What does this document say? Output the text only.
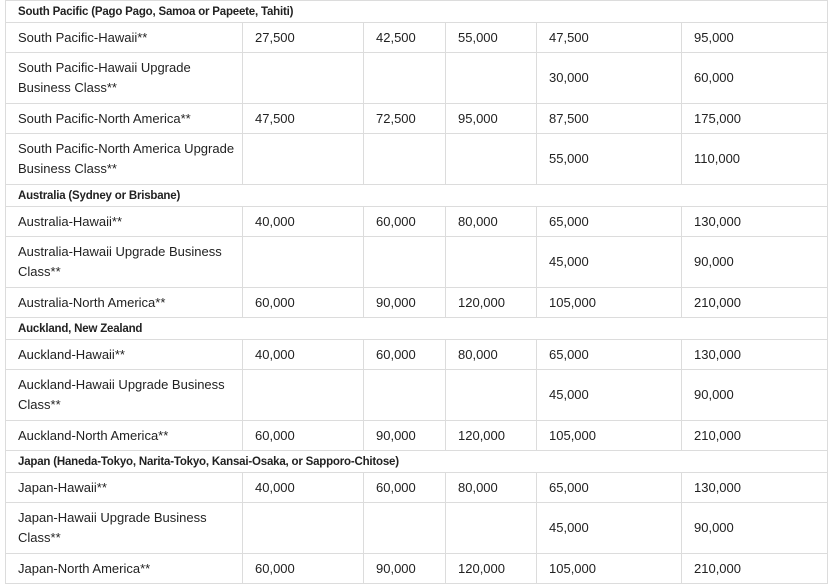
South Pacific (Pago Pago, Samoa or Papeete, Tahiti)					
South Pacific-Hawaii**	27,500	42,500	55,000	47,500	95,000
South Pacific-Hawaii Upgrade Business Class**				30,000	60,000
South Pacific-North America**	47,500	72,500	95,000	87,500	175,000
South Pacific-North America Upgrade Business Class**				55,000	110,000
Australia (Sydney or Brisbane)					
Australia-Hawaii**	40,000	60,000	80,000	65,000	130,000
Australia-Hawaii Upgrade Business Class**				45,000	90,000
Australia-North America**	60,000	90,000	120,000	105,000	210,000
Auckland, New Zealand					
Auckland-Hawaii**	40,000	60,000	80,000	65,000	130,000
Auckland-Hawaii Upgrade Business Class**				45,000	90,000
Auckland-North America**	60,000	90,000	120,000	105,000	210,000
Japan (Haneda-Tokyo, Narita-Tokyo, Kansai-Osaka, or Sapporo-Chitose)					
Japan-Hawaii**	40,000	60,000	80,000	65,000	130,000
Japan-Hawaii Upgrade Business Class**				45,000	90,000
Japan-North America**	60,000	90,000	120,000	105,000	210,000
